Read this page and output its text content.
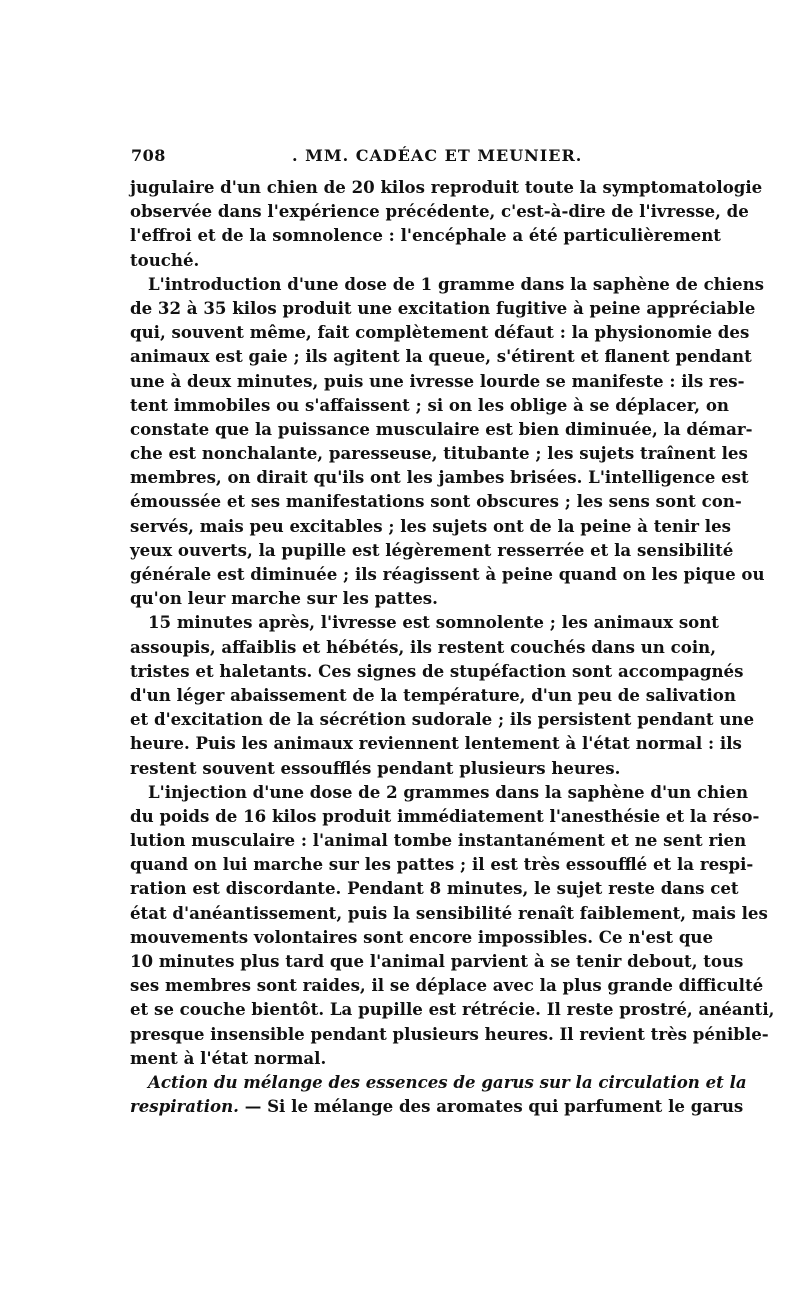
708	. MM. CADÉAC ET MEUNIER.
jugulaire d'un chien de 20 kilos reproduit toute la symptomatologie
observée dans l'expérience précédente, c'est-à-dire de l'ivresse, de
l'effroi et de la somnolence : l'encéphale a été particulièrement
touché.
L'introduction d'une dose de 1 gramme dans la saphène de chiens
de 32 à 35 kilos produit une excitation fugitive à peine appréciable
qui, souvent même, fait complètement défaut : la physionomie des
animaux est gaie ; ils agitent la queue, s'étirent et flanent pendant
une à deux minutes, puis une ivresse lourde se manifeste : ils res-
tent immobiles ou s'affaissent ; si on les oblige à se déplacer, on
constate que la puissance musculaire est bien diminuée, la démar-
che est nonchalante, paresseuse, titubante ; les sujets traînent les
membres, on dirait qu'ils ont les jambes brisées. L'intelligence est
émoussée et ses manifestations sont obscures ; les sens sont con-
servés, mais peu excitables ; les sujets ont de la peine à tenir les
yeux ouverts, la pupille est légèrement resserrée et la sensibilité
générale est diminuée ; ils réagissent à peine quand on les pique ou
qu'on leur marche sur les pattes.
15 minutes après, l'ivresse est somnolente ; les animaux sont
assoupis, affaiblis et hébétés, ils restent couchés dans un coin,
tristes et haletants. Ces signes de stupéfaction sont accompagnés
d'un léger abaissement de la température, d'un peu de salivation
et d'excitation de la sécrétion sudorale ; ils persistent pendant une
heure. Puis les animaux reviennent lentement à l'état normal : ils
restent souvent essoufflés pendant plusieurs heures.
L'injection d'une dose de 2 grammes dans la saphène d'un chien
du poids de 16 kilos produit immédiatement l'anesthésie et la réso-
lution musculaire : l'animal tombe instantanément et ne sent rien
quand on lui marche sur les pattes ; il est très essoufflé et la respi-
ration est discordante. Pendant 8 minutes, le sujet reste dans cet
état d'anéantissement, puis la sensibilité renaît faiblement, mais les
mouvements volontaires sont encore impossibles. Ce n'est que
10 minutes plus tard que l'animal parvient à se tenir debout, tous
ses membres sont raides, il se déplace avec la plus grande difficulté
et se couche bientôt. La pupille est rétrécie. Il reste prostré, anéanti,
presque insensible pendant plusieurs heures. Il revient très pénible-
ment à l'état normal.
Action du mélange des essences de garus sur la circulation et la
respiration. — Si le mélange des aromates qui parfument le garus
